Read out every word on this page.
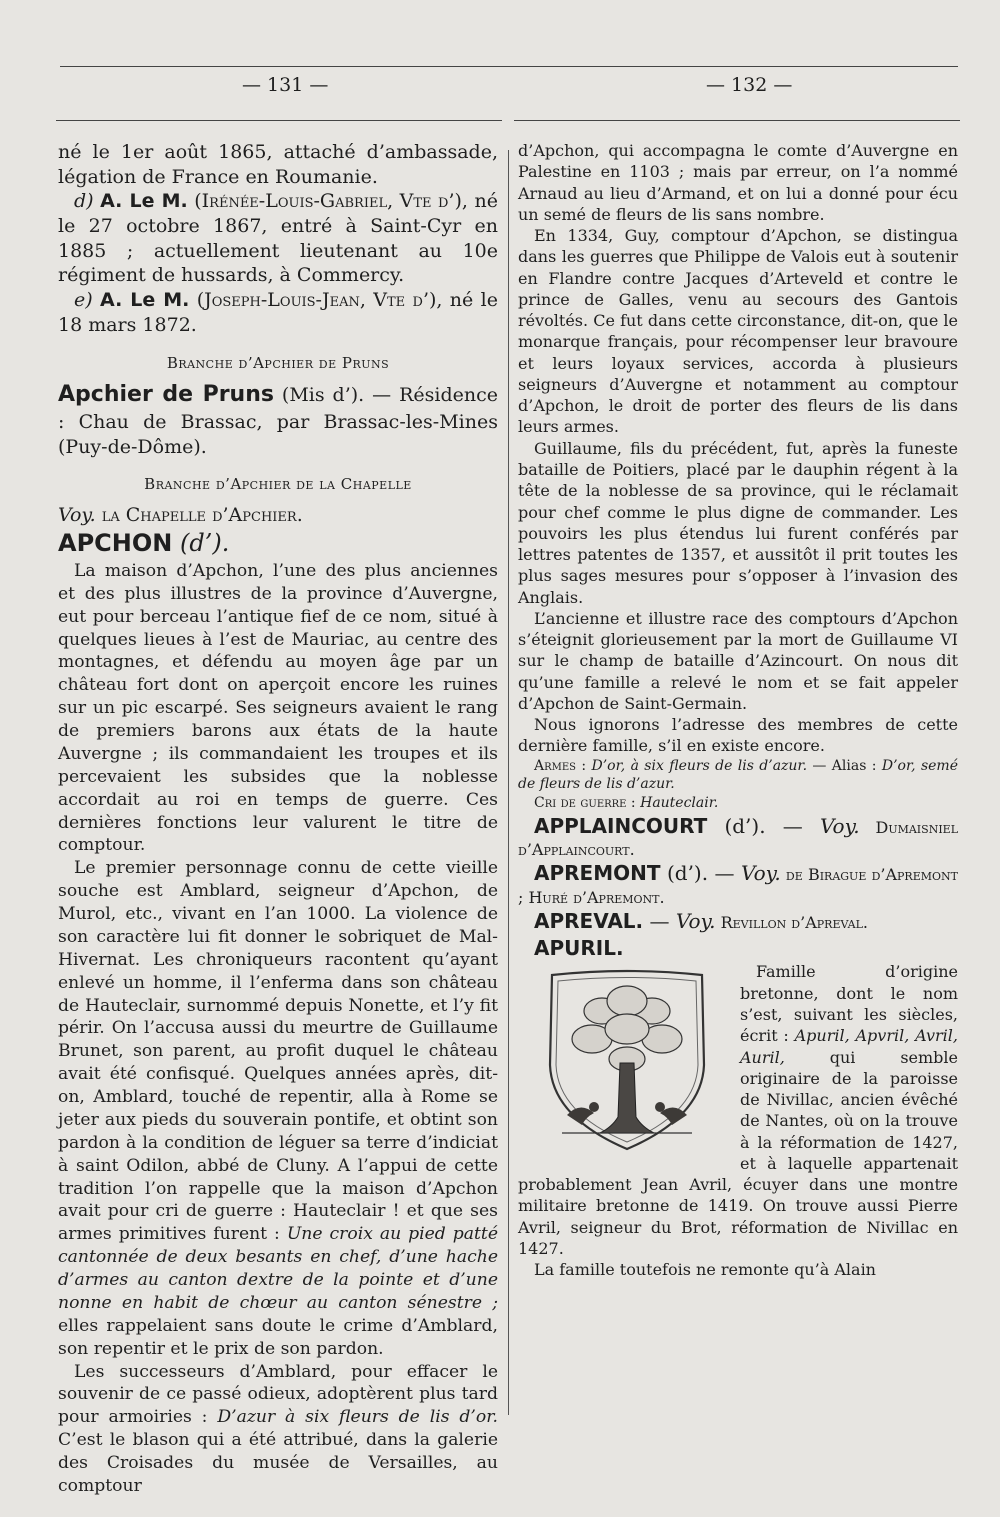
— 131 —	— 132 —

né le 1er août 1865, attaché d’ambassade, légation de France en Roumanie.

d) A. Le M. (Irénée-Louis-Gabriel, Vte d’), né le 27 octobre 1867, entré à Saint-Cyr en 1885 ; actuellement lieutenant au 10e régiment de hussards, à Commercy.

e) A. Le M. (Joseph-Louis-Jean, Vte d’), né le 18 mars 1872.

Branche d’Apchier de Pruns

Apchier de Pruns (Mis d’). — Résidence : Chau de Brassac, par Brassac-les-Mines (Puy-de-Dôme).

Branche d’Apchier de la Chapelle

Voy. la Chapelle d’Apchier.

APCHON (d’).

La maison d’Apchon, l’une des plus anciennes et des plus illustres de la province d’Auvergne, eut pour berceau l’antique fief de ce nom, situé à quelques lieues à l’est de Mauriac, au centre des montagnes, et défendu au moyen âge par un château fort dont on aperçoit encore les ruines sur un pic escarpé. Ses seigneurs avaient le rang de premiers barons aux états de la haute Auvergne ; ils commandaient les troupes et ils percevaient les subsides que la noblesse accordait au roi en temps de guerre. Ces dernières fonctions leur valurent le titre de comptour.

Le premier personnage connu de cette vieille souche est Amblard, seigneur d’Apchon, de Murol, etc., vivant en l’an 1000. La violence de son caractère lui fit donner le sobriquet de Mal-Hivernat. Les chroniqueurs racontent qu’ayant enlevé un homme, il l’enferma dans son château de Hauteclair, surnommé depuis Nonette, et l’y fit périr. On l’accusa aussi du meurtre de Guillaume Brunet, son parent, au profit duquel le château avait été confisqué. Quelques années après, dit-on, Amblard, touché de repentir, alla à Rome se jeter aux pieds du souverain pontife, et obtint son pardon à la condition de léguer sa terre d’indiciat à saint Odilon, abbé de Cluny. A l’appui de cette tradition l’on rappelle que la maison d’Apchon avait pour cri de guerre : Hauteclair ! et que ses armes primitives furent : Une croix au pied patté cantonnée de deux besants en chef, d’une hache d’armes au canton dextre de la pointe et d’une nonne en habit de chœur au canton sénestre ; elles rappelaient sans doute le crime d’Amblard, son repentir et le prix de son pardon.

Les successeurs d’Amblard, pour effacer le souvenir de ce passé odieux, adoptèrent plus tard pour armoiries : D’azur à six fleurs de lis d’or. C’est le blason qui a été attribué, dans la galerie des Croisades du musée de Versailles, au comptour

d’Apchon, qui accompagna le comte d’Auvergne en Palestine en 1103 ; mais par erreur, on l’a nommé Arnaud au lieu d’Armand, et on lui a donné pour écu un semé de fleurs de lis sans nombre.

En 1334, Guy, comptour d’Apchon, se distingua dans les guerres que Philippe de Valois eut à soutenir en Flandre contre Jacques d’Arteveld et contre le prince de Galles, venu au secours des Gantois révoltés. Ce fut dans cette circonstance, dit-on, que le monarque français, pour récompenser leur bravoure et leurs loyaux services, accorda à plusieurs seigneurs d’Auvergne et notamment au comptour d’Apchon, le droit de porter des fleurs de lis dans leurs armes.

Guillaume, fils du précédent, fut, après la funeste bataille de Poitiers, placé par le dauphin régent à la tête de la noblesse de sa province, qui le réclamait pour chef comme le plus digne de commander. Les pouvoirs les plus étendus lui furent conférés par lettres patentes de 1357, et aussitôt il prit toutes les plus sages mesures pour s’opposer à l’invasion des Anglais.

L’ancienne et illustre race des comptours d’Apchon s’éteignit glorieusement par la mort de Guillaume VI sur le champ de bataille d’Azincourt. On nous dit qu’une famille a relevé le nom et se fait appeler d’Apchon de Saint-Germain.

Nous ignorons l’adresse des membres de cette dernière famille, s’il en existe encore.

Armes : D’or, à six fleurs de lis d’azur. — Alias : D’or, semé de fleurs de lis d’azur.

Cri de guerre : Hauteclair.

APPLAINCOURT (d’). — Voy. Dumaisniel d’Applaincourt.

APREMONT (d’). — Voy. de Birague d’Apremont ; Huré d’Apremont.

APREVAL. — Voy. Revillon d’Apreval.

APURIL.

Famille d’origine bretonne, dont le nom s’est, suivant les siècles, écrit : Apuril, Apvril, Avril, Auril, qui semble originaire de la paroisse de Nivillac, ancien évêché de Nantes, où on la trouve à la réformation de 1427, et à laquelle appartenait probablement Jean Avril, écuyer dans une montre militaire bretonne de 1419. On trouve aussi Pierre Avril, seigneur du Brot, réformation de Nivillac en 1427.

La famille toutefois ne remonte qu’à Alain
